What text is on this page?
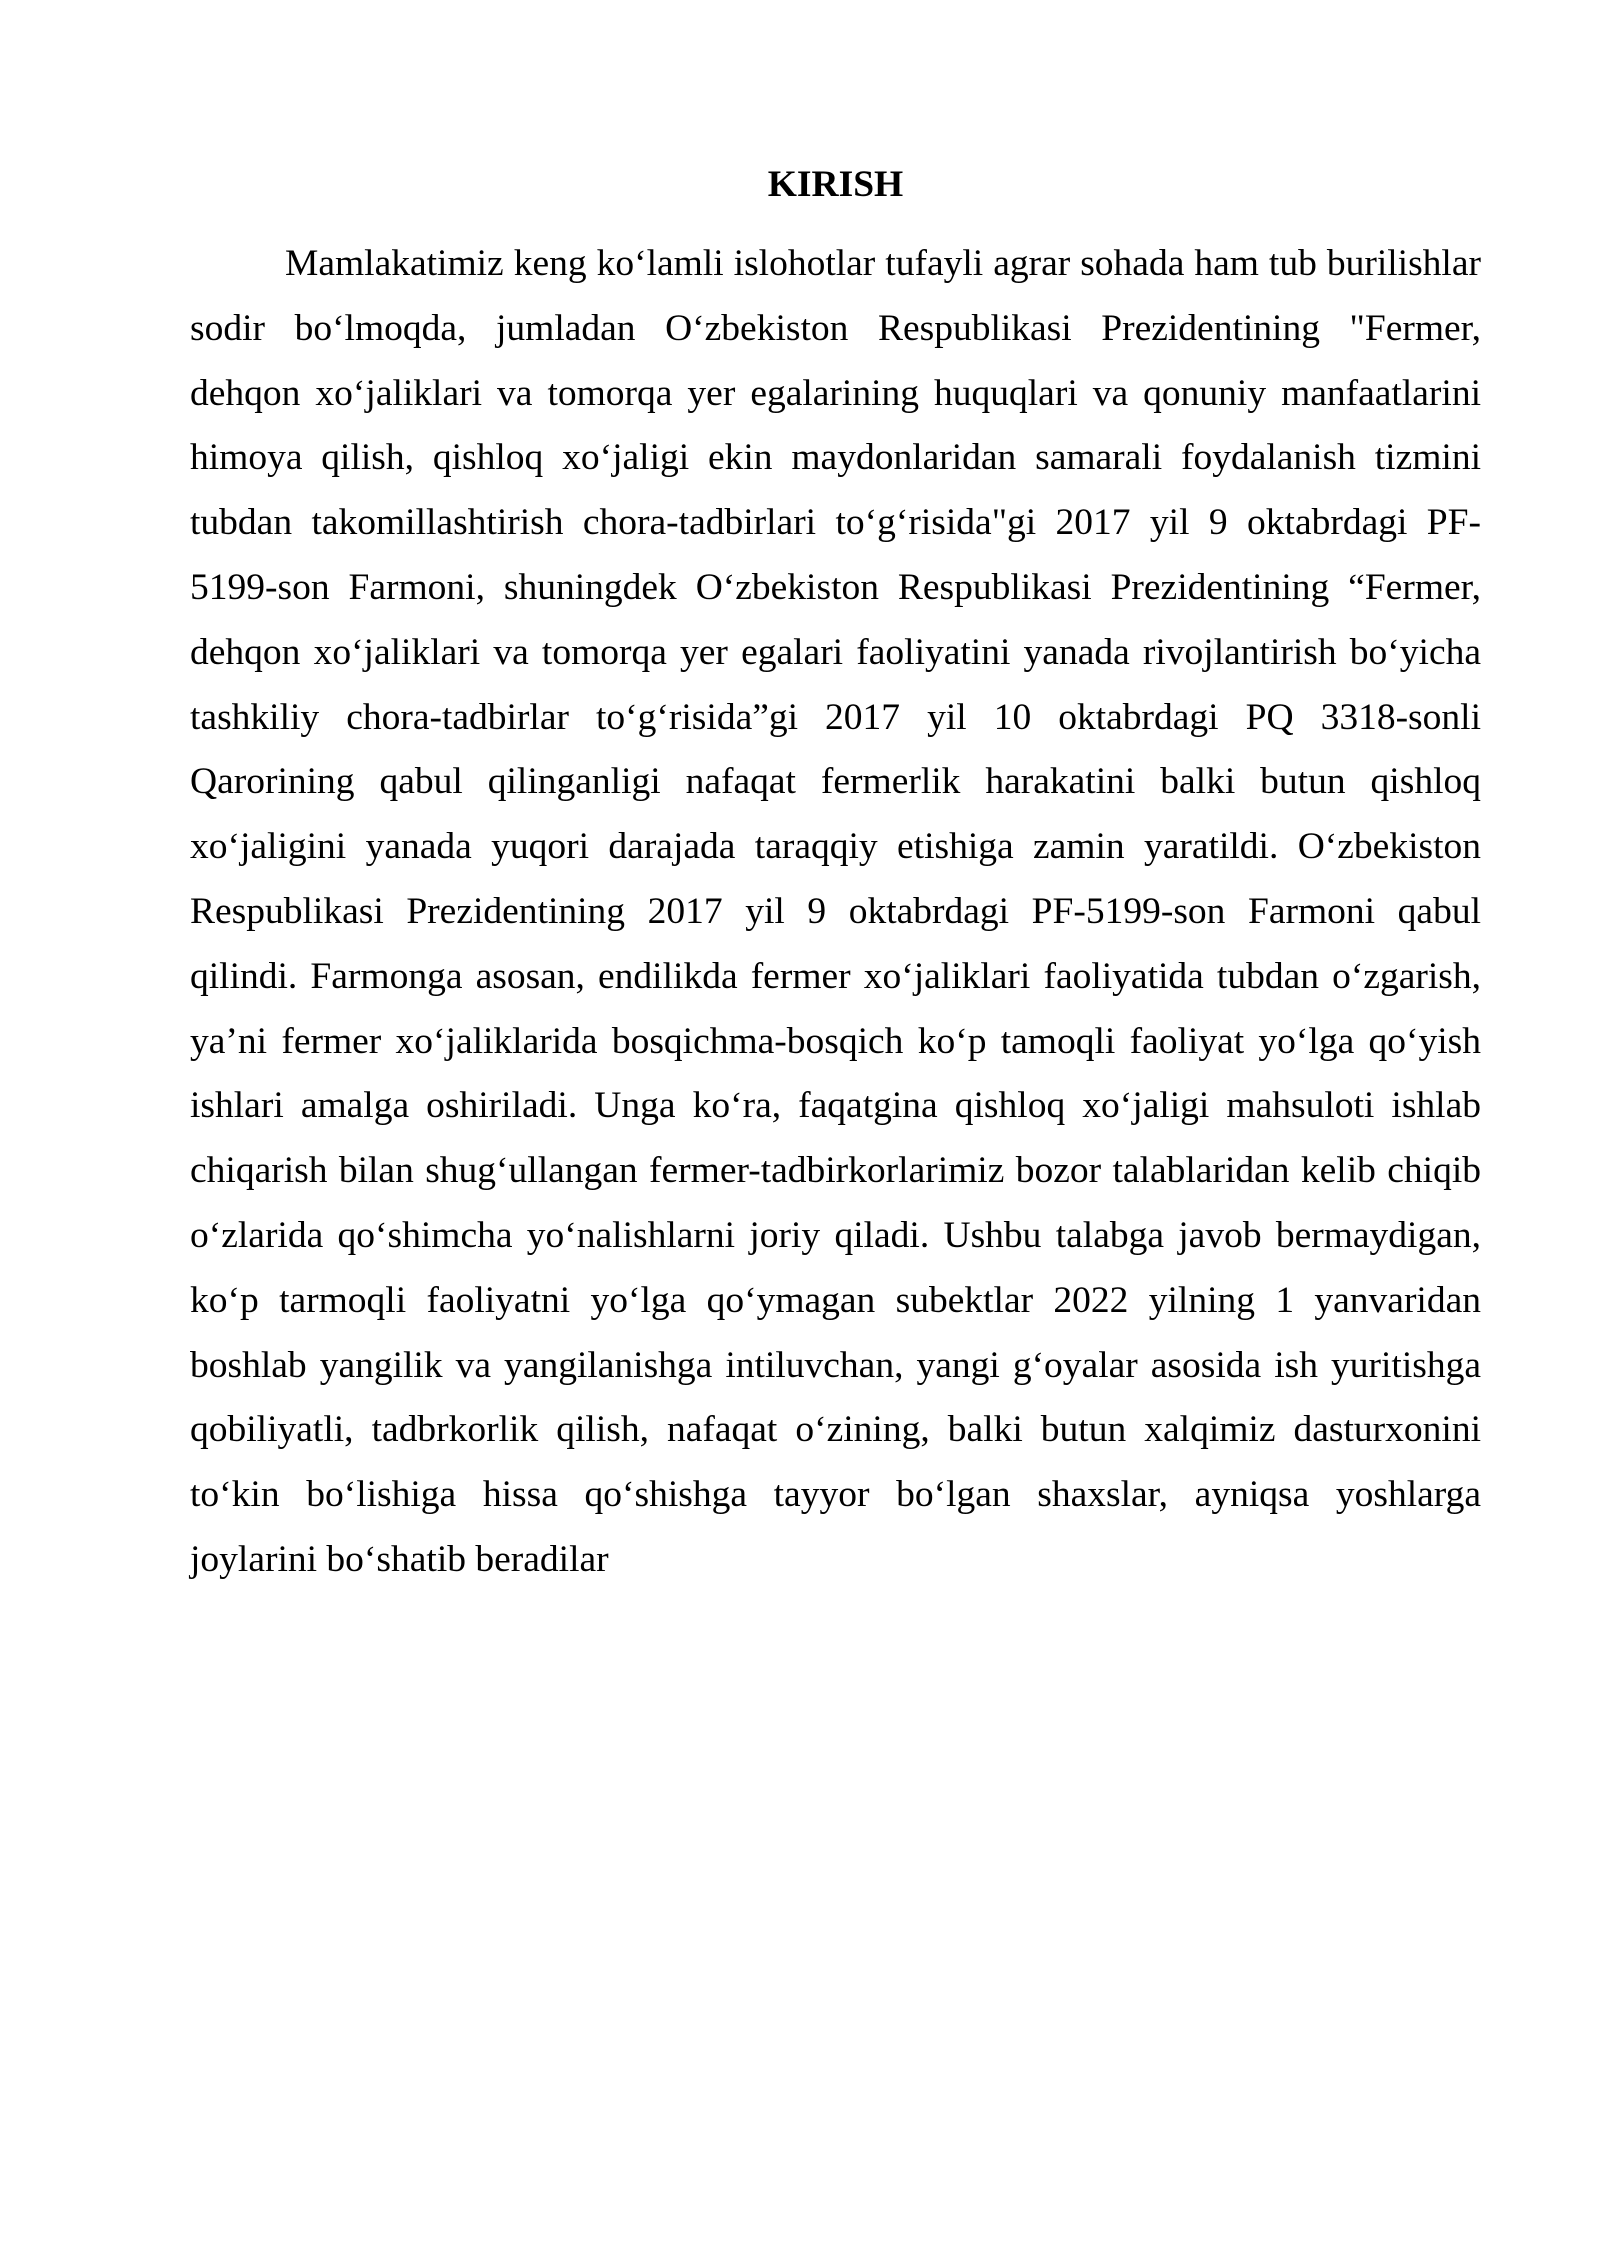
KIRISH
Mamlakatimiz keng ko‘lamli islohotlar tufayli agrar sohada ham tub burilishlar
sodir bo‘lmoqda, jumladan O‘zbekiston Respublikasi Prezidentining "Fermer,
dehqon xo‘jaliklari va tomorqa yer egalarining huquqlari va qonuniy manfaatlarini
himoya qilish, qishloq xo‘jaligi ekin maydonlaridan samarali foydalanish tizmini
tubdan takomillashtirish chora-tadbirlari to‘g‘risida"gi 2017 yil 9 oktabrdagi PF-
5199-son Farmoni, shuningdek O‘zbekiston Respublikasi Prezidentining “Fermer,
dehqon xo‘jaliklari va tomorqa yer egalari faoliyatini yanada rivojlantirish bo‘yicha
tashkiliy chora-tadbirlar to‘g‘risida”gi 2017 yil 10 oktabrdagi PQ 3318-sonli
Qarorining qabul qilinganligi nafaqat fermerlik harakatini balki butun qishloq
xo‘jaligini yanada yuqori darajada taraqqiy etishiga zamin yaratildi. O‘zbekiston
Respublikasi Prezidentining 2017 yil 9 oktabrdagi PF-5199-son Farmoni qabul
qilindi. Farmonga asosan, endilikda fermer xo‘jaliklari faoliyatida tubdan o‘zgarish,
ya’ni fermer xo‘jaliklarida bosqichma-bosqich ko‘p tamoqli faoliyat yo‘lga qo‘yish
ishlari amalga oshiriladi. Unga ko‘ra, faqatgina qishloq xo‘jaligi mahsuloti ishlab
chiqarish bilan shug‘ullangan fermer-tadbirkorlarimiz bozor talablaridan kelib chiqib
o‘zlarida qo‘shimcha yo‘nalishlarni joriy qiladi. Ushbu talabga javob bermaydigan,
ko‘p tarmoqli faoliyatni yo‘lga qo‘ymagan subektlar 2022 yilning 1 yanvaridan
boshlab yangilik va yangilanishga intiluvchan, yangi g‘oyalar asosida ish yuritishga
qobiliyatli, tadbrkorlik qilish, nafaqat o‘zining, balki butun xalqimiz dasturxonini
to‘kin bo‘lishiga hissa qo‘shishga tayyor bo‘lgan shaxslar, ayniqsa yoshlarga
joylarini bo‘shatib beradilar
